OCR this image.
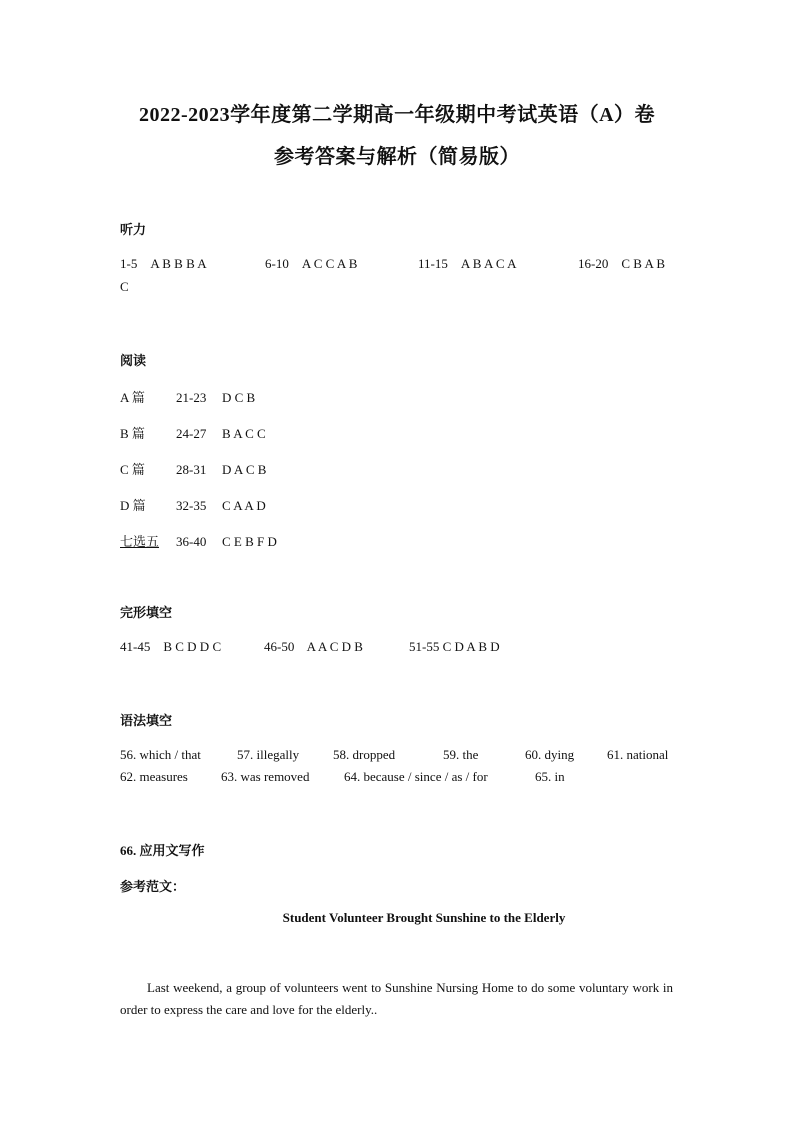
2022-2023学年度第二学期高一年级期中考试英语（A）卷
参考答案与解析（简易版）
听力
1-5 A B B B A	6-10 A C C A B	11-15 A B A C A	16-20 C B A B
C
阅读
A 篇 21-23 D C B
B 篇 24-27 B A C C
C 篇 28-31 D A C B
D 篇 32-35 C A A D
七选五 36-40 C E B F D
完形填空
41-45    B C D D C	46-50    A A C D B	51-55 C D A B D
语法填空
56. which / that	57. illegally	58. dropped	59. the	60. dying	61. national
62. measures	63. was removed	64. because / since / as / for	65. in
66. 应用文写作
参考范文：
Student Volunteer Brought Sunshine to the Elderly
Last weekend, a group of volunteers went to Sunshine Nursing Home to do some voluntary work in order to express the care and love for the elderly..
